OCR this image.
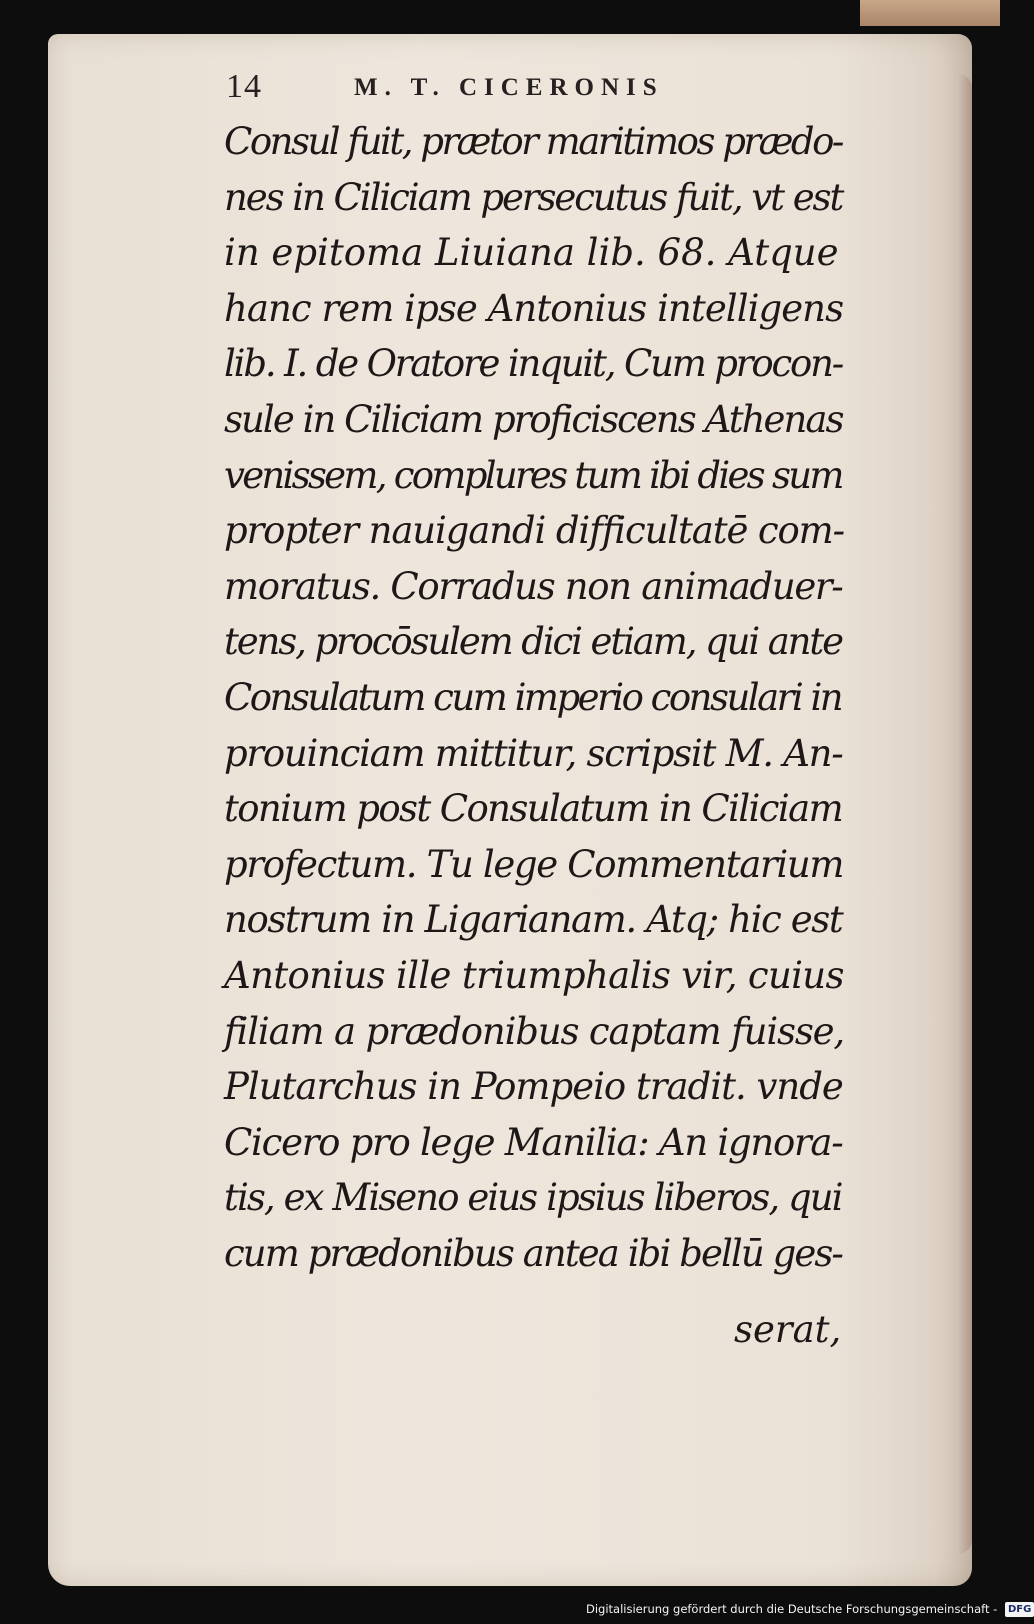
14	M. T. CICERONIS
Consul fuit, prætor maritimos prædo-
nes in Ciliciam persecutus fuit, vt est
in epitoma Liuiana lib. 68. Atque
hanc rem ipse Antonius intelligens
lib. I. de Oratore inquit, Cum procon-
sule in Ciliciam proficiscens Athenas
venissem, complures tum ibi dies sum
propter nauigandi difficultatē com-
moratus. Corradus non animaduer-
tens, procōsulem dici etiam, qui ante
Consulatum cum imperio consulari in
prouinciam mittitur, scripsit M. An-
tonium post Consulatum in Ciliciam
profectum. Tu lege Commentarium
nostrum in Ligarianam. Atq; hic est
Antonius ille triumphalis vir, cuius
filiam a prædonibus captam fuisse,
Plutarchus in Pompeio tradit. vnde
Cicero pro lege Manilia: An ignora-
tis, ex Miseno eius ipsius liberos, qui
cum prædonibus antea ibi bellū ges-
serat,
Digitalisierung gefördert durch die Deutsche Forschungsgemeinschaft - DFG
